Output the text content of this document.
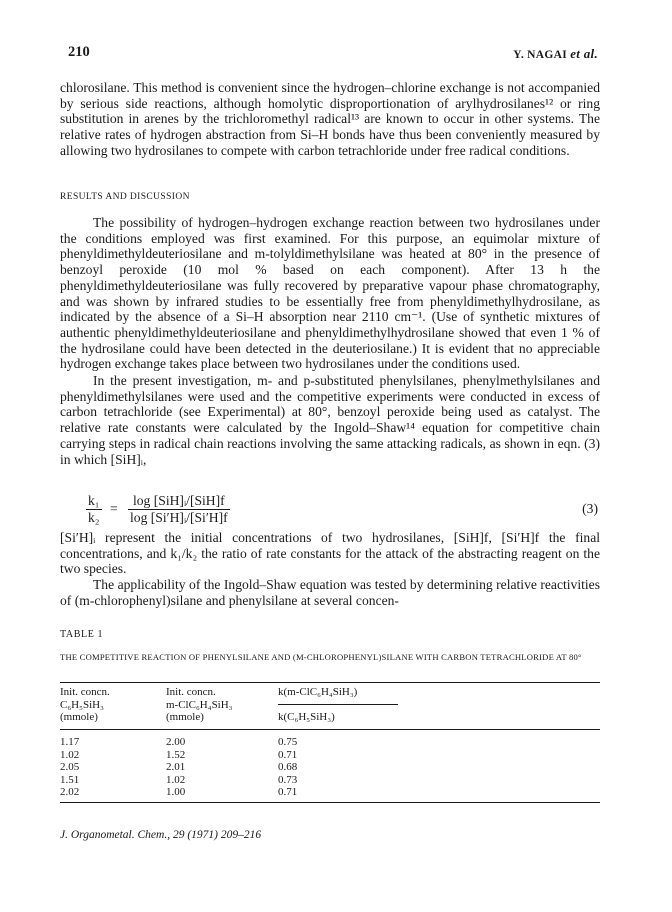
210	Y. NAGAI et al.

chlorosilane. This method is convenient since the hydrogen–chlorine exchange is not accompanied by serious side reactions, although homolytic disproportionation of arylhydrosilanes¹² or ring substitution in arenes by the trichloromethyl radical¹³ are known to occur in other systems. The relative rates of hydrogen abstraction from Si–H bonds have thus been conveniently measured by allowing two hydrosilanes to compete with carbon tetrachloride under free radical conditions.

RESULTS AND DISCUSSION

The possibility of hydrogen–hydrogen exchange reaction between two hydrosilanes under the conditions employed was first examined. For this purpose, an equimolar mixture of phenyldimethyldeuteriosilane and m-tolyldimethylsilane was heated at 80° in the presence of benzoyl peroxide (10 mol % based on each component). After 13 h the phenyldimethyldeuteriosilane was fully recovered by preparative vapour phase chromatography, and was shown by infrared studies to be essentially free from phenyldimethylhydrosilane, as indicated by the absence of a Si–H absorption near 2110 cm⁻¹. (Use of synthetic mixtures of authentic phenyldimethyldeuteriosilane and phenyldimethylhydrosilane showed that even 1 % of the hydrosilane could have been detected in the deuteriosilane.) It is evident that no appreciable hydrogen exchange takes place between two hydrosilanes under the conditions used.

In the present investigation, m- and p-substituted phenylsilanes, phenylmethylsilanes and phenyldimethylsilanes were used and the competitive experiments were conducted in excess of carbon tetrachloride (see Experimental) at 80°, benzoyl peroxide being used as catalyst. The relative rate constants were calculated by the Ingold–Shaw¹⁴ equation for competitive chain carrying steps in radical chain reactions involving the same attacking radicals, as shown in eqn. (3) in which [SiH]ᵢ,

$\frac{\text{k₁}}{\text{k₂}}$ =
log [SiH]ᵢ/[SiH]f
log [Si′H]ᵢ/[Si′H]f
(3)

[Si′H]ᵢ represent the initial concentrations of two hydrosilanes, [SiH]f, [Si′H]f the final concentrations, and k₁/k₂ the ratio of rate constants for the attack of the abstracting reagent on the two species.

The applicability of the Ingold–Shaw equation was tested by determining relative reactivities of (m-chlorophenyl)silane and phenylsilane at several concen-

TABLE 1
THE COMPETITIVE REACTION OF PHENYLSILANE AND (M-CHLOROPHENYL)SILANE WITH CARBON TETRACHLORIDE AT 80°
Init. concn.
C₆H₅SiH₃
(mmole)
Init. concn.
m-ClC₆H₄SiH₃
(mmole)
k(m-ClC₆H₄SiH₃)
k(C₆H₅SiH₃)
1.17
1.02
2.05
1.51
2.02
2.00
1.52
2.01
1.02
1.00
0.75
0.71
0.68
0.73
0.71
J. Organometal. Chem., 29 (1971) 209–216
